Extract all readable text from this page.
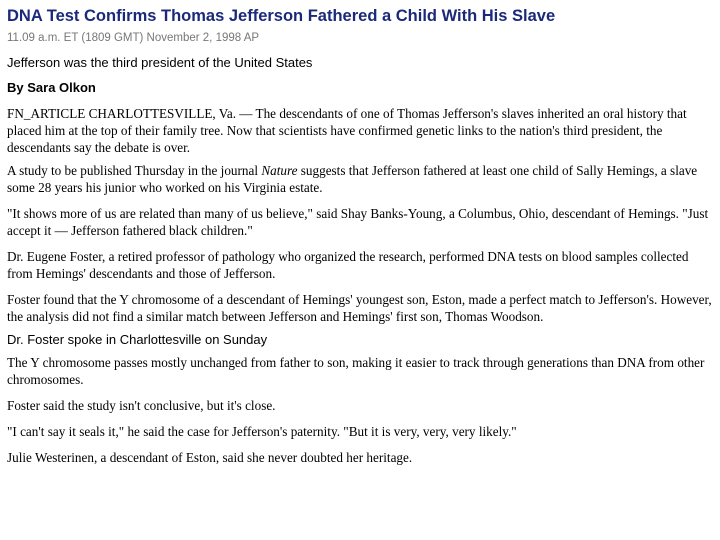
DNA Test Confirms Thomas Jefferson Fathered a Child With His Slave
11.09 a.m. ET (1809 GMT) November 2, 1998 AP
Jefferson was the third president of the United States
By Sara Olkon

FN_ARTICLE CHARLOTTESVILLE, Va. — The descendants of one of Thomas Jefferson's slaves inherited an oral history that placed him at the top of their family tree. Now that scientists have confirmed genetic links to the nation's third president, the descendants say the debate is over.

A study to be published Thursday in the journal Nature suggests that Jefferson fathered at least one child of Sally Hemings, a slave some 28 years his junior who worked on his Virginia estate.

"It shows more of us are related than many of us believe," said Shay Banks-Young, a Columbus, Ohio, descendant of Hemings. "Just accept it — Jefferson fathered black children."

Dr. Eugene Foster, a retired professor of pathology who organized the research, performed DNA tests on blood samples collected from Hemings' descendants and those of Jefferson.

Foster found that the Y chromosome of a descendant of Hemings' youngest son, Eston, made a perfect match to Jefferson's. However, the analysis did not find a similar match between Jefferson and Hemings' first son, Thomas Woodson.

Dr. Foster spoke in Charlottesville on Sunday

The Y chromosome passes mostly unchanged from father to son, making it easier to track through generations than DNA from other chromosomes.

Foster said the study isn't conclusive, but it's close.

"I can't say it seals it," he said the case for Jefferson's paternity. "But it is very, very, very likely."

Julie Westerinen, a descendant of Eston, said she never doubted her heritage.
